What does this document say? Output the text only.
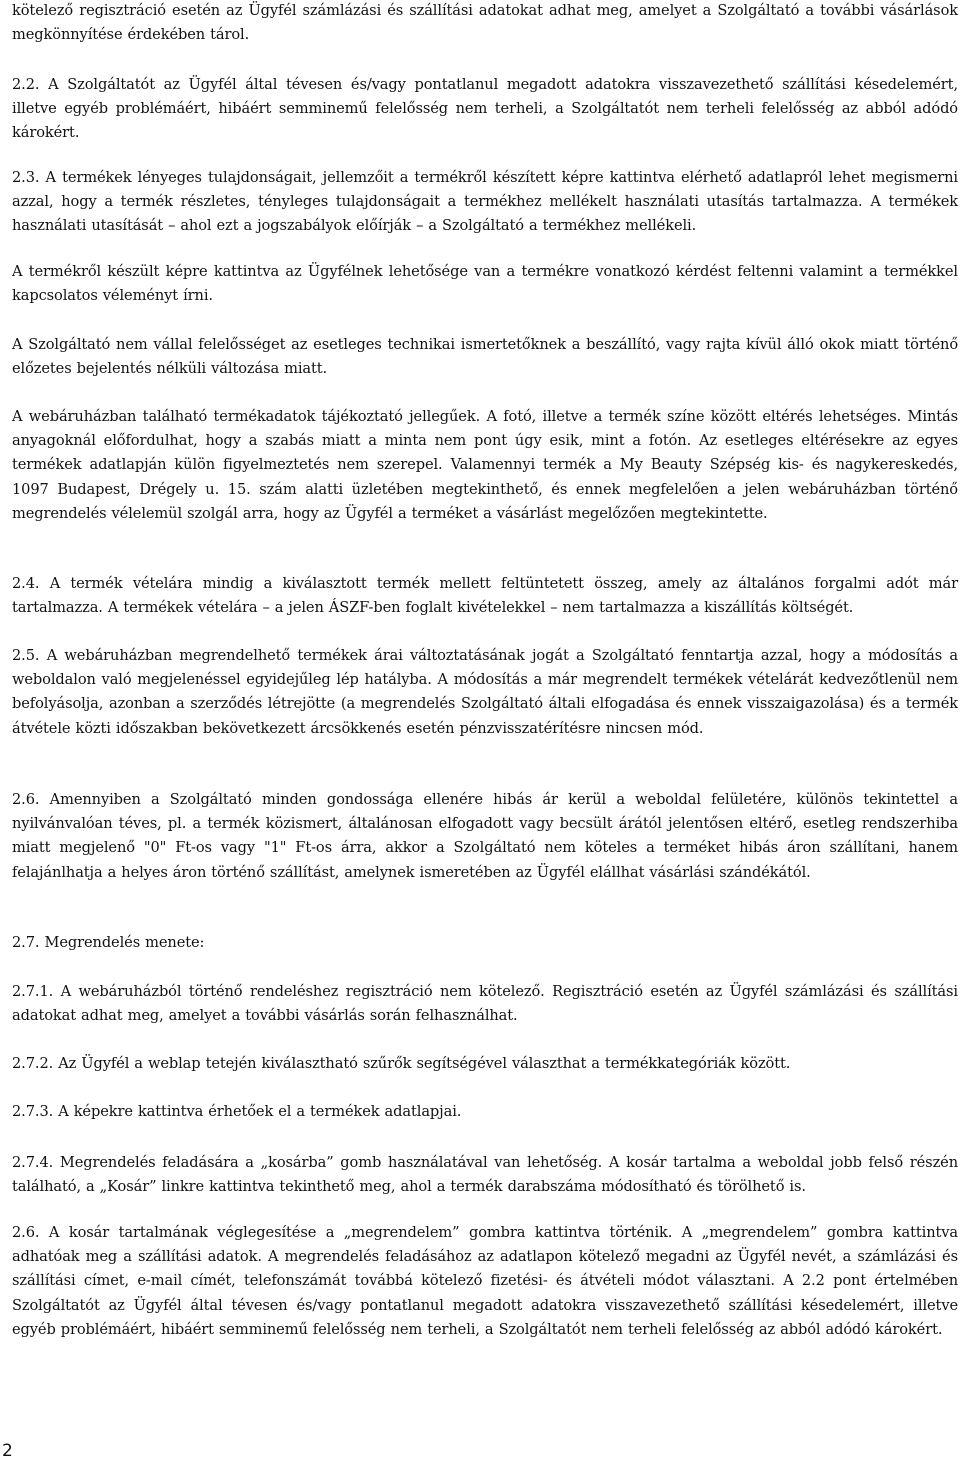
kötelező regisztráció esetén az Ügyfél számlázási és szállítási adatokat adhat meg, amelyet a Szolgáltató a további vásárlások megkönnyítése érdekében tárol.

2.2. A Szolgáltatót az Ügyfél által tévesen és/vagy pontatlanul megadott adatokra visszavezethető szállítási késedelemért, illetve egyéb problémáért, hibáért semminemű felelősség nem terheli, a Szolgáltatót nem terheli felelősség az abból adódó károkért.

2.3. A termékek lényeges tulajdonságait, jellemzőit a termékről készített képre kattintva elérhető adatlapról lehet megismerni azzal, hogy a termék részletes, tényleges tulajdonságait a termékhez mellékelt használati utasítás tartalmazza. A termékek használati utasítását – ahol ezt a jogszabályok előírják – a Szolgáltató a termékhez mellékeli.

A termékről készült képre kattintva az Ügyfélnek lehetősége van a termékre vonatkozó kérdést feltenni valamint a termékkel kapcsolatos véleményt írni.

A Szolgáltató nem vállal felelősséget az esetleges technikai ismertetőknek a beszállító, vagy rajta kívül álló okok miatt történő előzetes bejelentés nélküli változása miatt.

A webáruházban található termékadatok tájékoztató jellegűek. A fotó, illetve a termék színe között eltérés lehetséges. Mintás anyagoknál előfordulhat, hogy a szabás miatt a minta nem pont úgy esik, mint a fotón. Az esetleges eltérésekre az egyes termékek adatlapján külön figyelmeztetés nem szerepel. Valamennyi termék a My Beauty Szépség kis- és nagykereskedés, 1097 Budapest, Drégely u. 15. szám alatti üzletében megtekinthető, és ennek megfelelően a jelen webáruházban történő megrendelés vélelemül szolgál arra, hogy az Ügyfél a terméket a vásárlást megelőzően megtekintette.

2.4. A termék vételára mindig a kiválasztott termék mellett feltüntetett összeg, amely az általános forgalmi adót már tartalmazza. A termékek vételára – a jelen ÁSZF-ben foglalt kivételekkel – nem tartalmazza a kiszállítás költségét.

2.5. A webáruházban megrendelhető termékek árai változtatásának jogát a Szolgáltató fenntartja azzal, hogy a módosítás a weboldalon való megjelenéssel egyidejűleg lép hatályba. A módosítás a már megrendelt termékek vételárát kedvezőtlenül nem befolyásolja, azonban a szerződés létrejötte (a megrendelés Szolgáltató általi elfogadása és ennek visszaigazolása) és a termék átvétele közti időszakban bekövetkezett árcsökkenés esetén pénzvisszatérítésre nincsen mód.

2.6. Amennyiben a Szolgáltató minden gondossága ellenére hibás ár kerül a weboldal felületére, különös tekintettel a nyilvánvalóan téves, pl. a termék közismert, általánosan elfogadott vagy becsült árától jelentősen eltérő, esetleg rendszerhiba miatt megjelenő "0" Ft-os vagy "1" Ft-os árra, akkor a Szolgáltató nem köteles a terméket hibás áron szállítani, hanem felajánlhatja a helyes áron történő szállítást, amelynek ismeretében az Ügyfél elállhat vásárlási szándékától.

2.7. Megrendelés menete:

2.7.1. A webáruházból történő rendeléshez regisztráció nem kötelező. Regisztráció esetén az Ügyfél számlázási és szállítási adatokat adhat meg, amelyet a további vásárlás során felhasználhat.

2.7.2. Az Ügyfél a weblap tetején kiválasztható szűrők segítségével választhat a termékkategóriák között.

2.7.3. A képekre kattintva érhetőek el a termékek adatlapjai.

2.7.4. Megrendelés feladására a „kosárba” gomb használatával van lehetőség. A kosár tartalma a weboldal jobb felső részén található, a „Kosár” linkre kattintva tekinthető meg, ahol a termék darabszáma módosítható és törölhető is.

2.6. A kosár tartalmának véglegesítése a „megrendelem” gombra kattintva történik. A „megrendelem” gombra kattintva adhatóak meg a szállítási adatok. A megrendelés feladásához az adatlapon kötelező megadni az Ügyfél nevét, a számlázási és szállítási címet, e-mail címét, telefonszámát továbbá kötelező fizetési- és átvételi módot választani. A 2.2 pont értelmében Szolgáltatót az Ügyfél által tévesen és/vagy pontatlanul megadott adatokra visszavezethető szállítási késedelemért, illetve egyéb problémáért, hibáért semminemű felelősség nem terheli, a Szolgáltatót nem terheli felelősség az abból adódó károkért.

2
